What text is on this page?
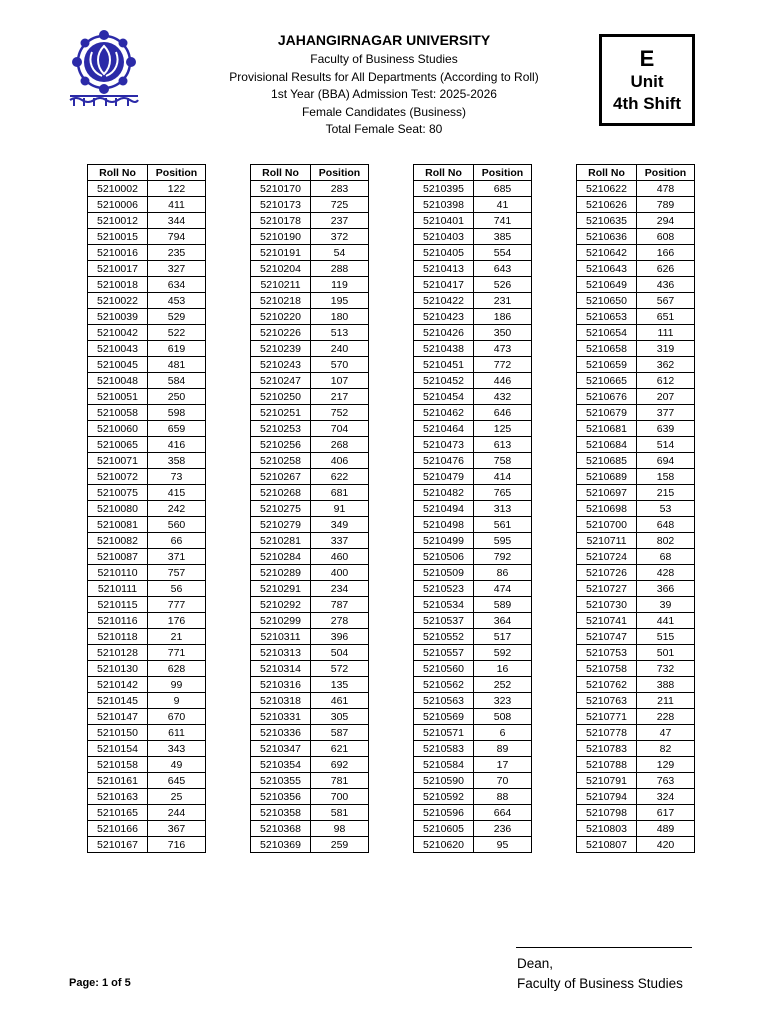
JAHANGIRNAGAR UNIVERSITY
Faculty of Business Studies
Provisional Results for All Departments (According to Roll)
1st Year (BBA) Admission Test: 2025-2026
Female Candidates (Business)
Total Female Seat: 80
E
Unit
4th Shift
Roll No	Position
5210002	122
5210006	411
5210012	344
5210015	794
5210016	235
5210017	327
5210018	634
5210022	453
5210039	529
5210042	522
5210043	619
5210045	481
5210048	584
5210051	250
5210058	598
5210060	659
5210065	416
5210071	358
5210072	73
5210075	415
5210080	242
5210081	560
5210082	66
5210087	371
5210110	757
5210111	56
5210115	777
5210116	176
5210118	21
5210128	771
5210130	628
5210142	99
5210145	9
5210147	670
5210150	611
5210154	343
5210158	49
5210161	645
5210163	25
5210165	244
5210166	367
5210167	716
Roll No	Position
5210170	283
5210173	725
5210178	237
5210190	372
5210191	54
5210204	288
5210211	119
5210218	195
5210220	180
5210226	513
5210239	240
5210243	570
5210247	107
5210250	217
5210251	752
5210253	704
5210256	268
5210258	406
5210267	622
5210268	681
5210275	91
5210279	349
5210281	337
5210284	460
5210289	400
5210291	234
5210292	787
5210299	278
5210311	396
5210313	504
5210314	572
5210316	135
5210318	461
5210331	305
5210336	587
5210347	621
5210354	692
5210355	781
5210356	700
5210358	581
5210368	98
5210369	259
Roll No	Position
5210395	685
5210398	41
5210401	741
5210403	385
5210405	554
5210413	643
5210417	526
5210422	231
5210423	186
5210426	350
5210438	473
5210451	772
5210452	446
5210454	432
5210462	646
5210464	125
5210473	613
5210476	758
5210479	414
5210482	765
5210494	313
5210498	561
5210499	595
5210506	792
5210509	86
5210523	474
5210534	589
5210537	364
5210552	517
5210557	592
5210560	16
5210562	252
5210563	323
5210569	508
5210571	6
5210583	89
5210584	17
5210590	70
5210592	88
5210596	664
5210605	236
5210620	95
Roll No	Position
5210622	478
5210626	789
5210635	294
5210636	608
5210642	166
5210643	626
5210649	436
5210650	567
5210653	651
5210654	111
5210658	319
5210659	362
5210665	612
5210676	207
5210679	377
5210681	639
5210684	514
5210685	694
5210689	158
5210697	215
5210698	53
5210700	648
5210711	802
5210724	68
5210726	428
5210727	366
5210730	39
5210741	441
5210747	515
5210753	501
5210758	732
5210762	388
5210763	211
5210771	228
5210778	47
5210783	82
5210788	129
5210791	763
5210794	324
5210798	617
5210803	489
5210807	420
Dean,
Faculty of Business Studies
Page: 1 of 5
